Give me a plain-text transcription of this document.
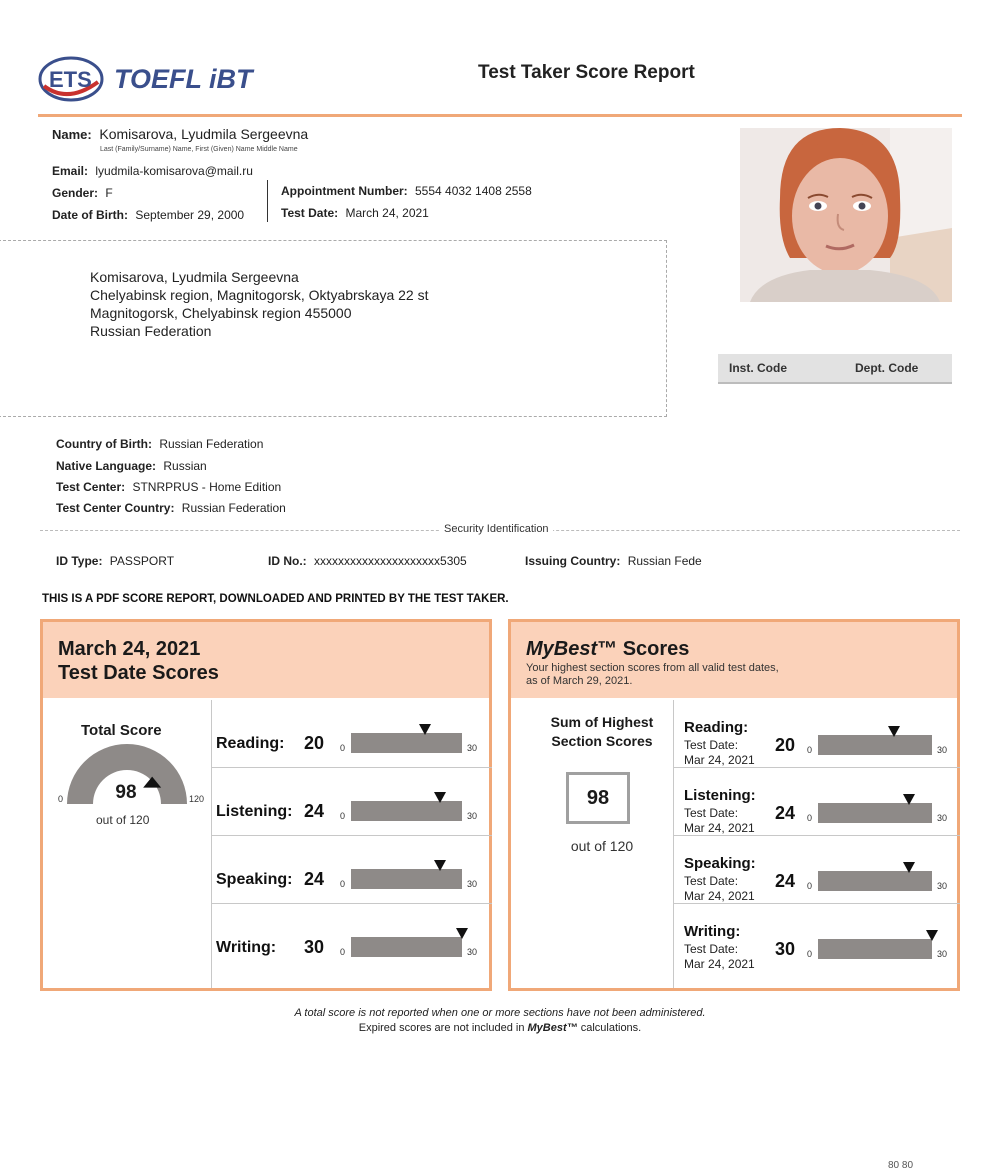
ETS TOEFL iBT	Test Taker Score Report
Name: Komisarova, Lyudmila Sergeevna
Last (Family/Surname) Name, First (Given) Name Middle Name
Email: lyudmila-komisarova@mail.ru
Gender: F
Date of Birth: September 29, 2000
Appointment Number: 5554 4032 1408 2558
Test Date: March 24, 2021
Komisarova, Lyudmila Sergeevna
Chelyabinsk region, Magnitogorsk, Oktyabrskaya 22 st
Magnitogorsk, Chelyabinsk region 455000
Russian Federation
Inst. Code	Dept. Code
Country of Birth: Russian Federation
Native Language: Russian
Test Center: STNRPRUS - Home Edition
Test Center Country: Russian Federation
Security Identification
ID Type: PASSPORT	ID No.: xxxxxxxxxxxxxxxxxxxxx5305	Issuing Country: Russian Fede
THIS IS A PDF SCORE REPORT, DOWNLOADED AND PRINTED BY THE TEST TAKER.
March 24, 2021
Test Date Scores
Total Score
98
0	120
out of 120
Reading: 20 0	30
Listening: 24 0	30
Speaking: 24 0	30
Writing: 30 0	30
MyBest™ Scores
Your highest section scores from all valid test dates,
as of March 29, 2021.
Sum of Highest
Section Scores
98
out of 120
Reading:
Test Date:
Mar 24, 2021
20 0	30
Listening:
Test Date:
Mar 24, 2021
24 0	30
Speaking:
Test Date:
Mar 24, 2021
24 0	30
Writing:
Test Date:
Mar 24, 2021
30 0	30
A total score is not reported when one or more sections have not been administered.
Expired scores are not included in MyBest™ calculations.
80 80
